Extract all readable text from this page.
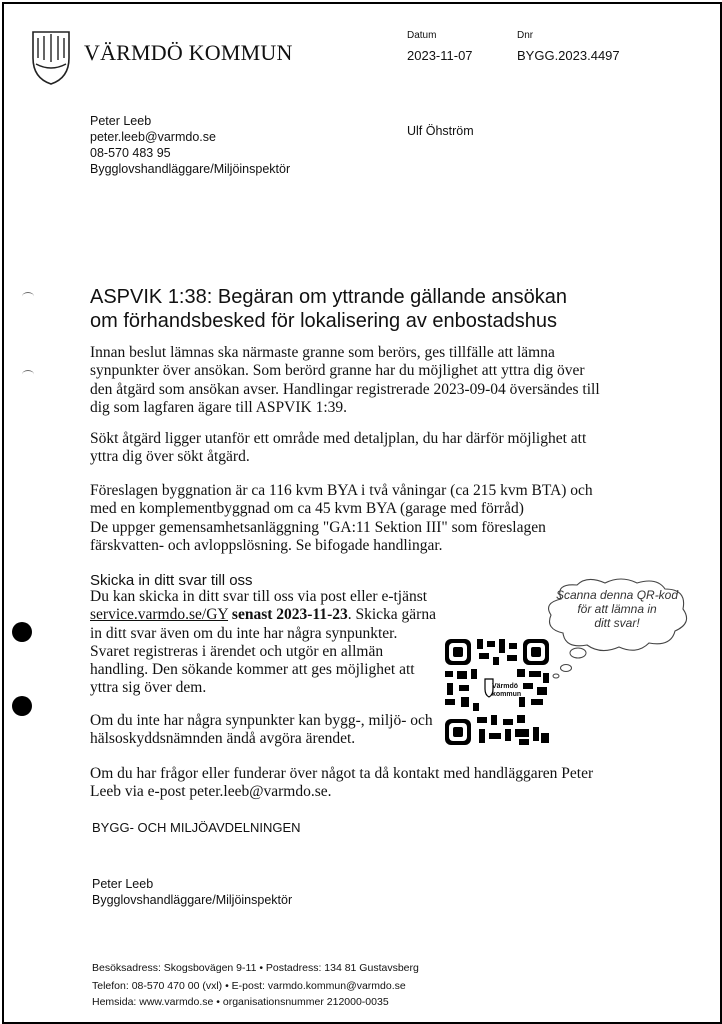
VÄRMDÖ KOMMUN
Datum
2023-11-07
Dnr
BYGG.2023.4497
Peter Leeb
peter.leeb@varmdo.se
08-570 483 95
Bygglovshandläggare/Miljöinspektör
Ulf Öhström
ASPVIK 1:38: Begäran om yttrande gällande ansökan
om förhandsbesked för lokalisering av enbostadshus
Innan beslut lämnas ska närmaste granne som berörs, ges tillfälle att lämna
synpunkter över ansökan. Som berörd granne har du möjlighet att yttra dig över
den åtgärd som ansökan avser. Handlingar registrerade 2023-09-04 översändes till
dig som lagfaren ägare till ASPVIK 1:39.
Sökt åtgärd ligger utanför ett område med detaljplan, du har därför möjlighet att
yttra dig över sökt åtgärd.
Föreslagen byggnation är ca 116 kvm BYA i två våningar (ca 215 kvm BTA) och
med en komplementbyggnad om ca 45 kvm BYA (garage med förråd)
De uppger gemensamhetsanläggning "GA:11 Sektion III" som föreslagen
färskvatten- och avloppslösning. Se bifogade handlingar.
Skicka in ditt svar till oss
Du kan skicka in ditt svar till oss via post eller e-tjänst
service.varmdo.se/GY senast 2023-11-23. Skicka gärna
in ditt svar även om du inte har några synpunkter.
Svaret registreras i ärendet och utgör en allmän
handling. Den sökande kommer att ges möjlighet att
yttra sig över dem.
Om du inte har några synpunkter kan bygg-, miljö- och
hälsoskyddsnämnden ändå avgöra ärendet.
Om du har frågor eller funderar över något ta då kontakt med handläggaren Peter
Leeb via e-post peter.leeb@varmdo.se.
BYGG- OCH MILJÖAVDELNINGEN
Peter Leeb
Bygglovshandläggare/Miljöinspektör
Scanna denna QR-kod
för att lämna in
ditt svar!
Värmdö
kommun
Besöksadress: Skogsbovägen 9-11 • Postadress: 134 81 Gustavsberg
Telefon: 08-570 470 00 (vxl) • E-post: varmdo.kommun@varmdo.se
Hemsida: www.varmdo.se • organisationsnummer 212000-0035
